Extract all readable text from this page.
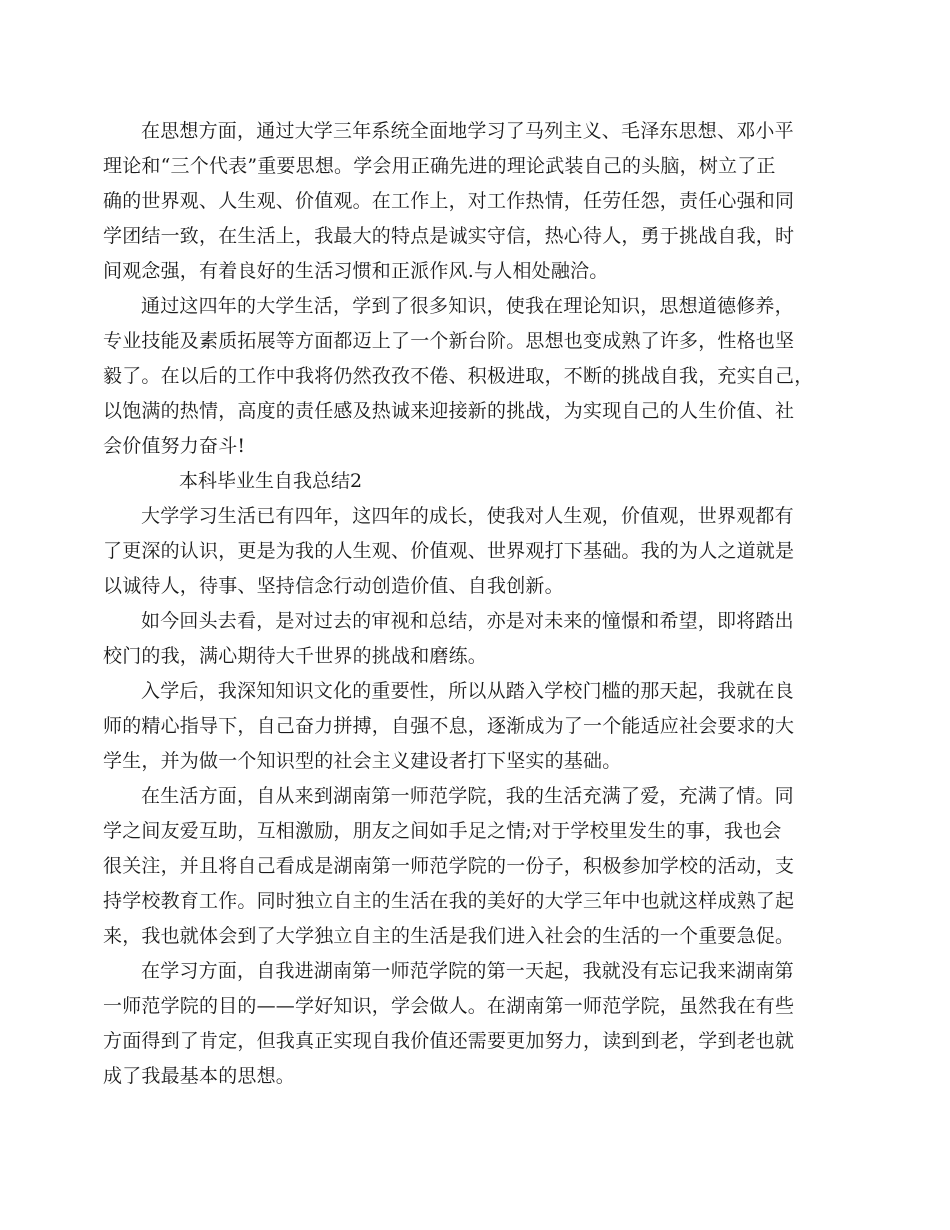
在思想方面，通过大学三年系统全面地学习了马列主义、毛泽东思想、邓小平
理论和“三个代表”重要思想。学会用正确先进的理论武装自己的头脑，树立了正
确的世界观、人生观、价值观。在工作上，对工作热情，任劳任怨，责任心强和同
学团结一致，在生活上，我最大的特点是诚实守信，热心待人，勇于挑战自我，时
间观念强，有着良好的生活习惯和正派作风.与人相处融洽。

通过这四年的大学生活，学到了很多知识，使我在理论知识，思想道德修养，
专业技能及素质拓展等方面都迈上了一个新台阶。思想也变成熟了许多，性格也坚
毅了。在以后的工作中我将仍然孜孜不倦、积极进取，不断的挑战自我，充实自己，
以饱满的热情，高度的责任感及热诚来迎接新的挑战，为实现自己的人生价值、社
会价值努力奋斗!

本科毕业生自我总结2

大学学习生活已有四年，这四年的成长，使我对人生观，价值观，世界观都有
了更深的认识，更是为我的人生观、价值观、世界观打下基础。我的为人之道就是
以诚待人，待事、坚持信念行动创造价值、自我创新。

如今回头去看，是对过去的审视和总结，亦是对未来的憧憬和希望，即将踏出
校门的我，满心期待大千世界的挑战和磨练。

入学后，我深知知识文化的重要性，所以从踏入学校门槛的那天起，我就在良
师的精心指导下，自己奋力拼搏，自强不息，逐渐成为了一个能适应社会要求的大
学生，并为做一个知识型的社会主义建设者打下坚实的基础。

在生活方面，自从来到湖南第一师范学院，我的生活充满了爱，充满了情。同
学之间友爱互助，互相激励，朋友之间如手足之情;对于学校里发生的事，我也会
很关注，并且将自己看成是湖南第一师范学院的一份子，积极参加学校的活动，支
持学校教育工作。同时独立自主的生活在我的美好的大学三年中也就这样成熟了起
来，我也就体会到了大学独立自主的生活是我们进入社会的生活的一个重要急促。

在学习方面，自我进湖南第一师范学院的第一天起，我就没有忘记我来湖南第
一师范学院的目的——学好知识，学会做人。在湖南第一师范学院，虽然我在有些
方面得到了肯定，但我真正实现自我价值还需要更加努力，读到到老，学到老也就
成了我最基本的思想。
